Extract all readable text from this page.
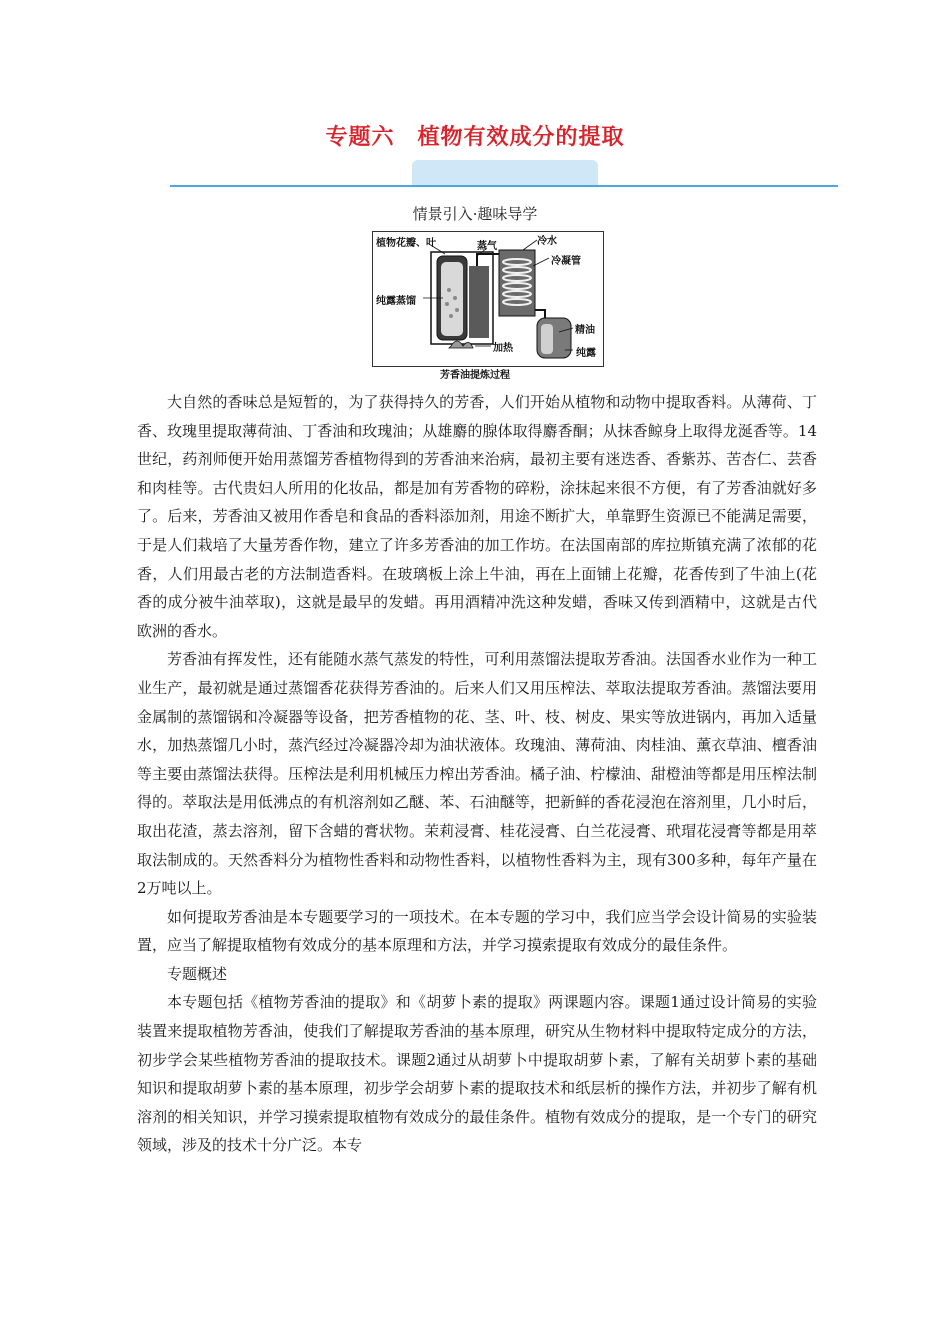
专题六　植物有效成分的提取
情景引入·趣味导学
植物花瓣、叶	蒸气	冷水
冷凝管
纯露蒸馏
精油
加热	纯露
芳香油提炼过程

大自然的香味总是短暂的，为了获得持久的芳香，人们开始从植物和动物中提取香料。从薄荷、丁香、玫瑰里提取薄荷油、丁香油和玫瑰油；从雄麝的腺体取得麝香酮；从抹香鲸身上取得龙涎香等。14世纪，药剂师便开始用蒸馏芳香植物得到的芳香油来治病，最初主要有迷迭香、香紫苏、苦杏仁、芸香和肉桂等。古代贵妇人所用的化妆品，都是加有芳香物的碎粉，涂抹起来很不方便，有了芳香油就好多了。后来，芳香油又被用作香皂和食品的香料添加剂，用途不断扩大，单靠野生资源已不能满足需要，于是人们栽培了大量芳香作物，建立了许多芳香油的加工作坊。在法国南部的库拉斯镇充满了浓郁的花香，人们用最古老的方法制造香料。在玻璃板上涂上牛油，再在上面铺上花瓣，花香传到了牛油上(花香的成分被牛油萃取)，这就是最早的发蜡。再用酒精冲洗这种发蜡，香味又传到酒精中，这就是古代欧洲的香水。

芳香油有挥发性，还有能随水蒸气蒸发的特性，可利用蒸馏法提取芳香油。法国香水业作为一种工业生产，最初就是通过蒸馏香花获得芳香油的。后来人们又用压榨法、萃取法提取芳香油。蒸馏法要用金属制的蒸馏锅和冷凝器等设备，把芳香植物的花、茎、叶、枝、树皮、果实等放进锅内，再加入适量水，加热蒸馏几小时，蒸汽经过冷凝器冷却为油状液体。玫瑰油、薄荷油、肉桂油、薰衣草油、檀香油等主要由蒸馏法获得。压榨法是利用机械压力榨出芳香油。橘子油、柠檬油、甜橙油等都是用压榨法制得的。萃取法是用低沸点的有机溶剂如乙醚、苯、石油醚等，把新鲜的香花浸泡在溶剂里，几小时后，取出花渣，蒸去溶剂，留下含蜡的膏状物。茉莉浸膏、桂花浸膏、白兰花浸膏、玳瑁花浸膏等都是用萃取法制成的。天然香料分为植物性香料和动物性香料，以植物性香料为主，现有300多种，每年产量在2万吨以上。

如何提取芳香油是本专题要学习的一项技术。在本专题的学习中，我们应当学会设计简易的实验装置，应当了解提取植物有效成分的基本原理和方法，并学习摸索提取有效成分的最佳条件。

专题概述

本专题包括《植物芳香油的提取》和《胡萝卜素的提取》两课题内容。课题1通过设计简易的实验装置来提取植物芳香油，使我们了解提取芳香油的基本原理，研究从生物材料中提取特定成分的方法，初步学会某些植物芳香油的提取技术。课题2通过从胡萝卜中提取胡萝卜素，了解有关胡萝卜素的基础知识和提取胡萝卜素的基本原理，初步学会胡萝卜素的提取技术和纸层析的操作方法，并初步了解有机溶剂的相关知识，并学习摸索提取植物有效成分的最佳条件。植物有效成分的提取，是一个专门的研究领域，涉及的技术十分广泛。本专
